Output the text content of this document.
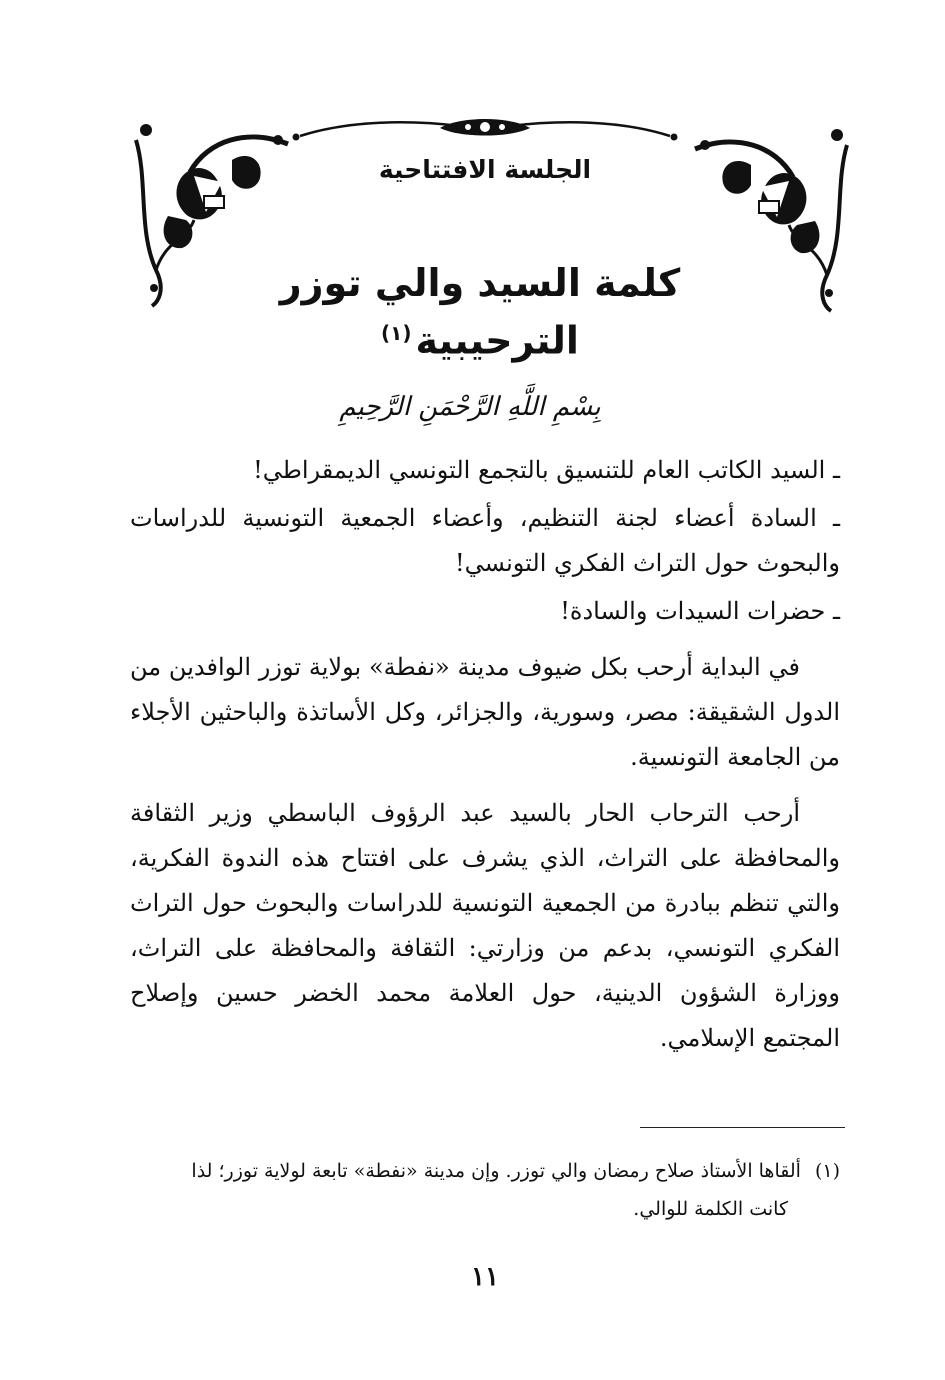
الجلسة الافتتاحية
كلمة السيد والي توزر الترحيبية$^{(١)}$
بِسْمِ اللَّهِ الرَّحْمَنِ الرَّحِيمِ

ـ السيد الكاتب العام للتنسيق بالتجمع التونسي الديمقراطي!

ـ السادة أعضاء لجنة التنظيم، وأعضاء الجمعية التونسية للدراسات والبحوث حول التراث الفكري التونسي!

ـ حضرات السيدات والسادة!

في البداية أرحب بكل ضيوف مدينة «نفطة» بولاية توزر الوافدين من الدول الشقيقة: مصر، وسورية، والجزائر، وكل الأساتذة والباحثين الأجلاء من الجامعة التونسية.

أرحب الترحاب الحار بالسيد عبد الرؤوف الباسطي وزير الثقافة والمحافظة على التراث، الذي يشرف على افتتاح هذه الندوة الفكرية، والتي تنظم ببادرة من الجمعية التونسية للدراسات والبحوث حول التراث الفكري التونسي، بدعم من وزارتي: الثقافة والمحافظة على التراث، ووزارة الشؤون الدينية، حول العلامة محمد الخضر حسين وإصلاح المجتمع الإسلامي.

(١)ألقاها الأستاذ صلاح رمضان والي توزر. وإن مدينة «نفطة» تابعة لولاية توزر؛ لذا
كانت الكلمة للوالي.
١١
